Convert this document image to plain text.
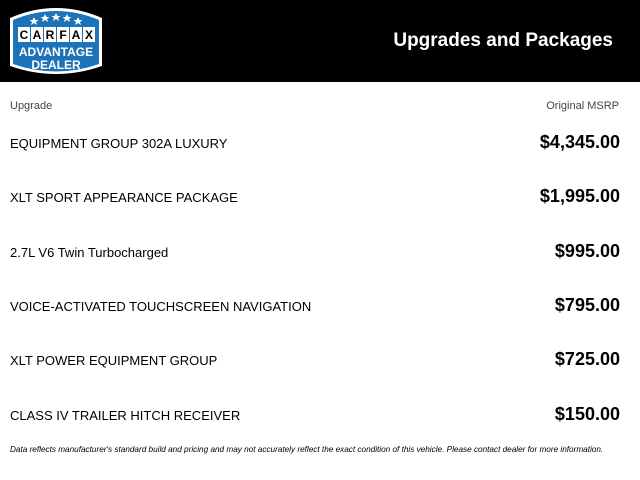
C A R F A X
ADVANTAGE
DEALER
Upgrades and Packages
Upgrade	Original MSRP
EQUIPMENT GROUP 302A LUXURY	$4,345.00
XLT SPORT APPEARANCE PACKAGE	$1,995.00
2.7L V6 Twin Turbocharged	$995.00
VOICE-ACTIVATED TOUCHSCREEN NAVIGATION	$795.00
XLT POWER EQUIPMENT GROUP	$725.00
CLASS IV TRAILER HITCH RECEIVER	$150.00
Data reflects manufacturer's standard build and pricing and may not accurately reflect the exact condition of this vehicle. Please contact dealer for more information.
